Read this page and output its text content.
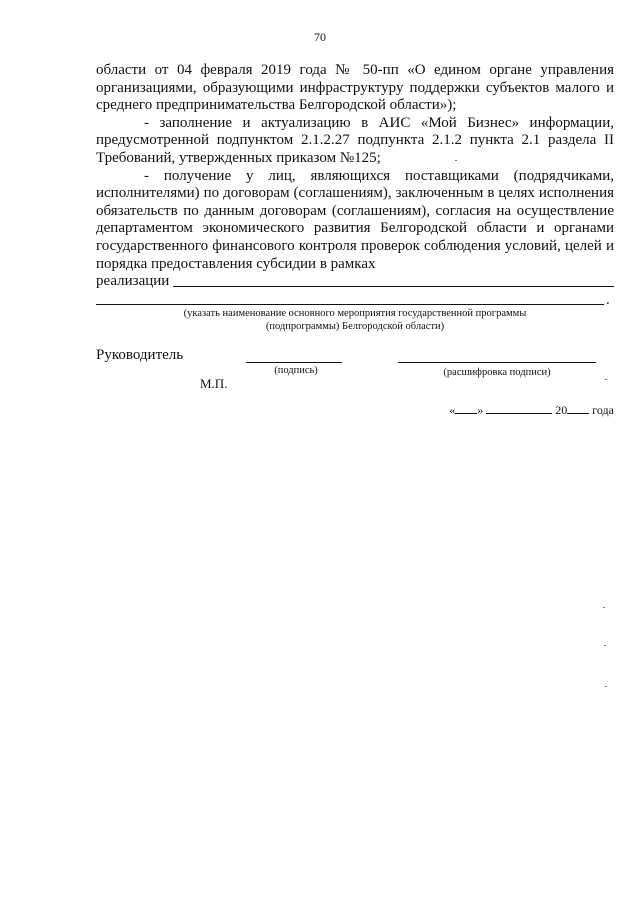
70

области от 04 февраля 2019 года № 50-пп «О едином органе управления организациями, образующими инфраструктуру поддержки субъектов малого и среднего предпринимательства Белгородской области»);

- заполнение и актуализацию в АИС «Мой Бизнес» информации, предусмотренной подпунктом 2.1.2.27 подпункта 2.1.2 пункта 2.1 раздела II Требований, утвержденных приказом №125;

- получение у лиц, являющихся поставщиками (подрядчиками, исполнителями) по договорам (соглашениям), заключенным в целях исполнения обязательств по данным договорам (соглашениям), согласия на осуществление департаментом экономического развития Белгородской области и органами государственного финансового контроля проверок соблюдения условий, целей и порядка предоставления субсидии в рамках

реализации
.
(указать наименование основного мероприятия государственной программы
(подпрограммы) Белгородской области)
Руководитель
(подпись)	(расшифровка подписи)
М.П.
« »	20 года
